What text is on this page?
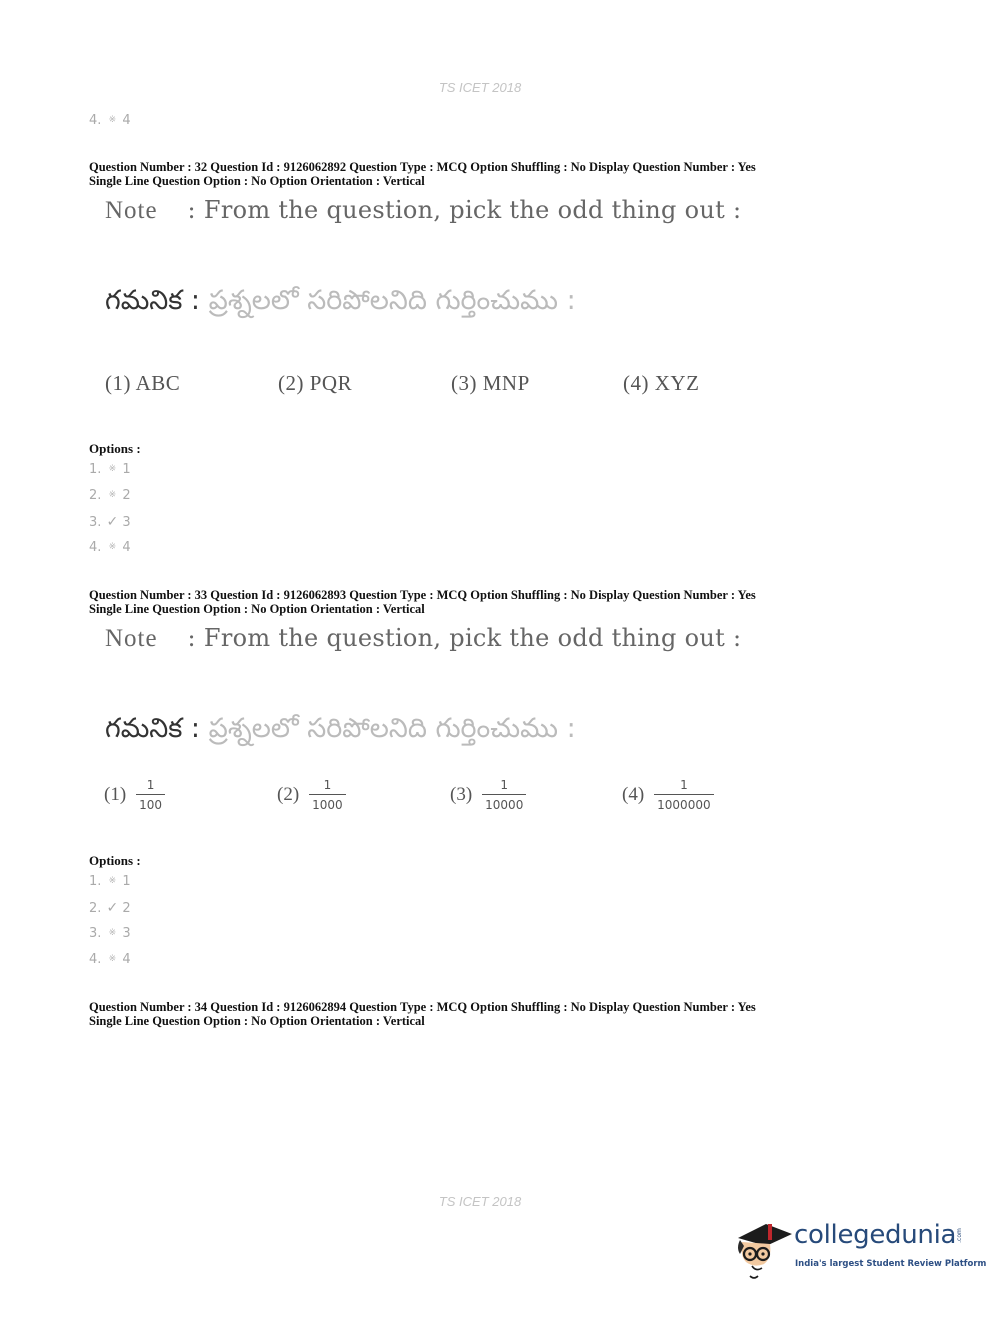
TS ICET 2018
4. ※ 4
Question Number : 32 Question Id : 9126062892 Question Type : MCQ Option Shuffling : No Display Question Number : Yes
Single Line Question Option : No Option Orientation : Vertical
Note : From the question, pick the odd thing out :
గమనిక : ప్రశ్నలలో సరిపోలనిది గుర్తించుము :
(1) ABC	(2) PQR	(3) MNP	(4) XYZ
Options :
1. ※ 1
2. ※ 2
3. ✓ 3
4. ※ 4
Question Number : 33 Question Id : 9126062893 Question Type : MCQ Option Shuffling : No Display Question Number : Yes
Single Line Question Option : No Option Orientation : Vertical
Note : From the question, pick the odd thing out :
గమనిక : ప్రశ్నలలో సరిపోలనిది గుర్తించుము :
$(1) \frac{1}{100}$	$(2) \frac{1}{1000}$	$(3) \frac{1}{10000}$	$(4) \frac{1}{1000000}$
Options :
1. ※ 1
2. ✓ 2
3. ※ 3
4. ※ 4
Question Number : 34 Question Id : 9126062894 Question Type : MCQ Option Shuffling : No Display Question Number : Yes
Single Line Question Option : No Option Orientation : Vertical
TS ICET 2018
collegedunia .com
India's largest Student Review Platform
